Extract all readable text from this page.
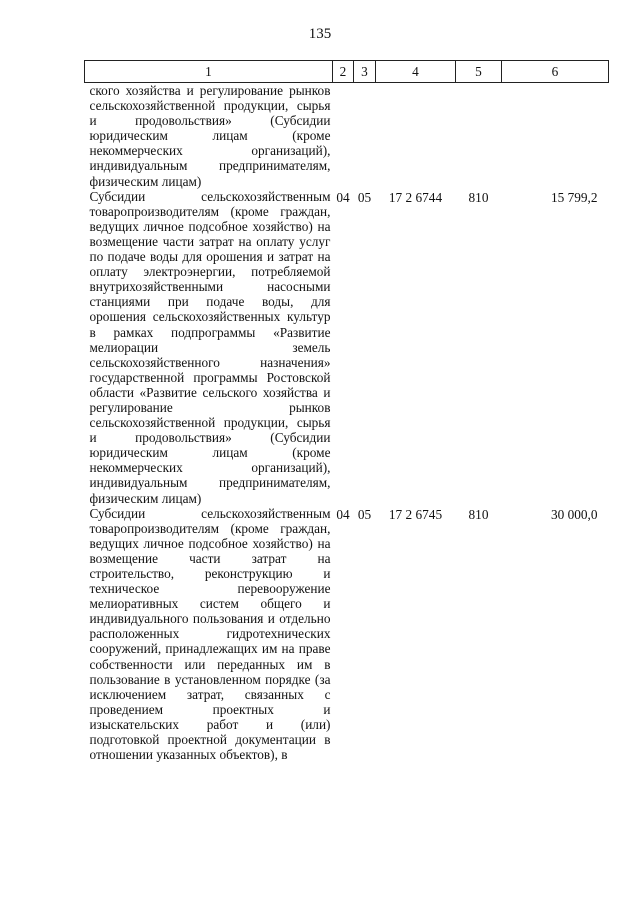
135
1	2	3	4	5	6
ского хозяйства и регулирование рынков сельскохозяйственной продукции, сырья и продовольствия» (Субсидии юридическим лицам (кроме некоммерческих организаций), индивидуальным предпринимателям, физическим лицам)					
Субсидии сельскохозяйственным товаропроизводителям (кроме граждан, ведущих личное подсобное хозяйство) на возмещение части затрат на оплату услуг по подаче воды для орошения и затрат на оплату электроэнергии, потребляемой внутрихозяйственными насосными станциями при подаче воды, для орошения сельскохозяйственных культур в рамках подпрограммы «Развитие мелиорации земель сельскохозяйственного назначения» государственной программы Ростовской области «Развитие сельского хозяйства и регулирование рынков сельскохозяйственной продукции, сырья и продовольствия» (Субсидии юридическим лицам (кроме некоммерческих организаций), индивидуальным предпринимателям, физическим лицам)	04	05	17 2 6744	810	15 799,2
Субсидии сельскохозяйственным товаропроизводителям (кроме граждан, ведущих личное подсобное хозяйство) на возмещение части затрат на строительство, реконструкцию и техническое перевооружение мелиоративных систем общего и индивидуального пользования и отдельно расположенных гидротехнических сооружений, принадлежащих им на праве собственности или переданных им в пользование в установленном порядке (за исключением затрат, связанных с проведением проектных и изыскательских работ и (или) подготовкой проектной документации в отношении указанных объектов), в	04	05	17 2 6745	810	30 000,0
